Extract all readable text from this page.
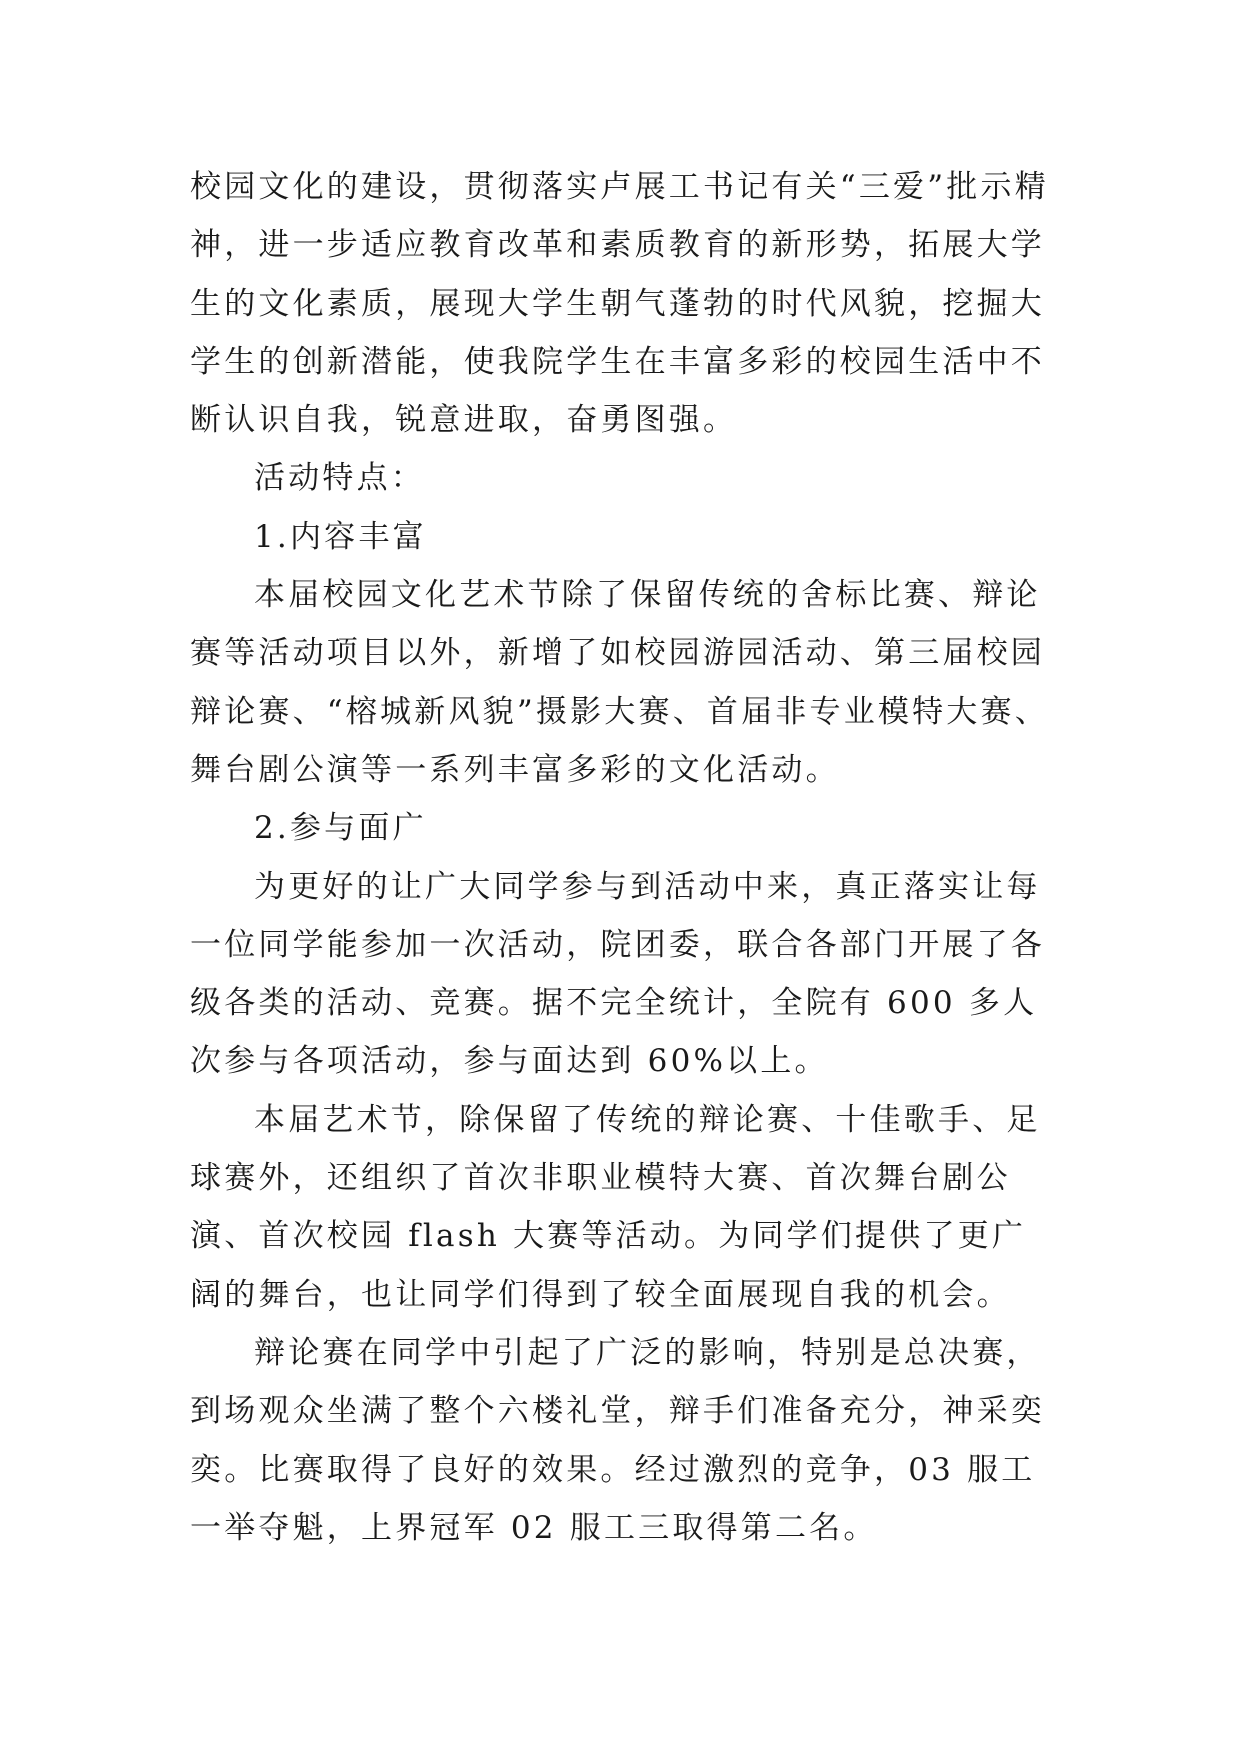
校园文化的建设，贯彻落实卢展工书记有关“三爱”批示精神，进一步适应教育改革和素质教育的新形势，拓展大学生的文化素质，展现大学生朝气蓬勃的时代风貌，挖掘大学生的创新潜能，使我院学生在丰富多彩的校园生活中不断认识自我，锐意进取，奋勇图强。

活动特点：

1.内容丰富

本届校园文化艺术节除了保留传统的舍标比赛、辩论赛等活动项目以外，新增了如校园游园活动、第三届校园辩论赛、“榕城新风貌”摄影大赛、首届非专业模特大赛、舞台剧公演等一系列丰富多彩的文化活动。

2.参与面广

为更好的让广大同学参与到活动中来，真正落实让每一位同学能参加一次活动，院团委，联合各部门开展了各级各类的活动、竞赛。据不完全统计，全院有 600 多人次参与各项活动，参与面达到 60%以上。

本届艺术节，除保留了传统的辩论赛、十佳歌手、足球赛外，还组织了首次非职业模特大赛、首次舞台剧公演、首次校园 flash 大赛等活动。为同学们提供了更广阔的舞台，也让同学们得到了较全面展现自我的机会。

辩论赛在同学中引起了广泛的影响，特别是总决赛，到场观众坐满了整个六楼礼堂，辩手们准备充分，神采奕奕。比赛取得了良好的效果。经过激烈的竞争，03 服工一举夺魁，上界冠军 02 服工三取得第二名。
